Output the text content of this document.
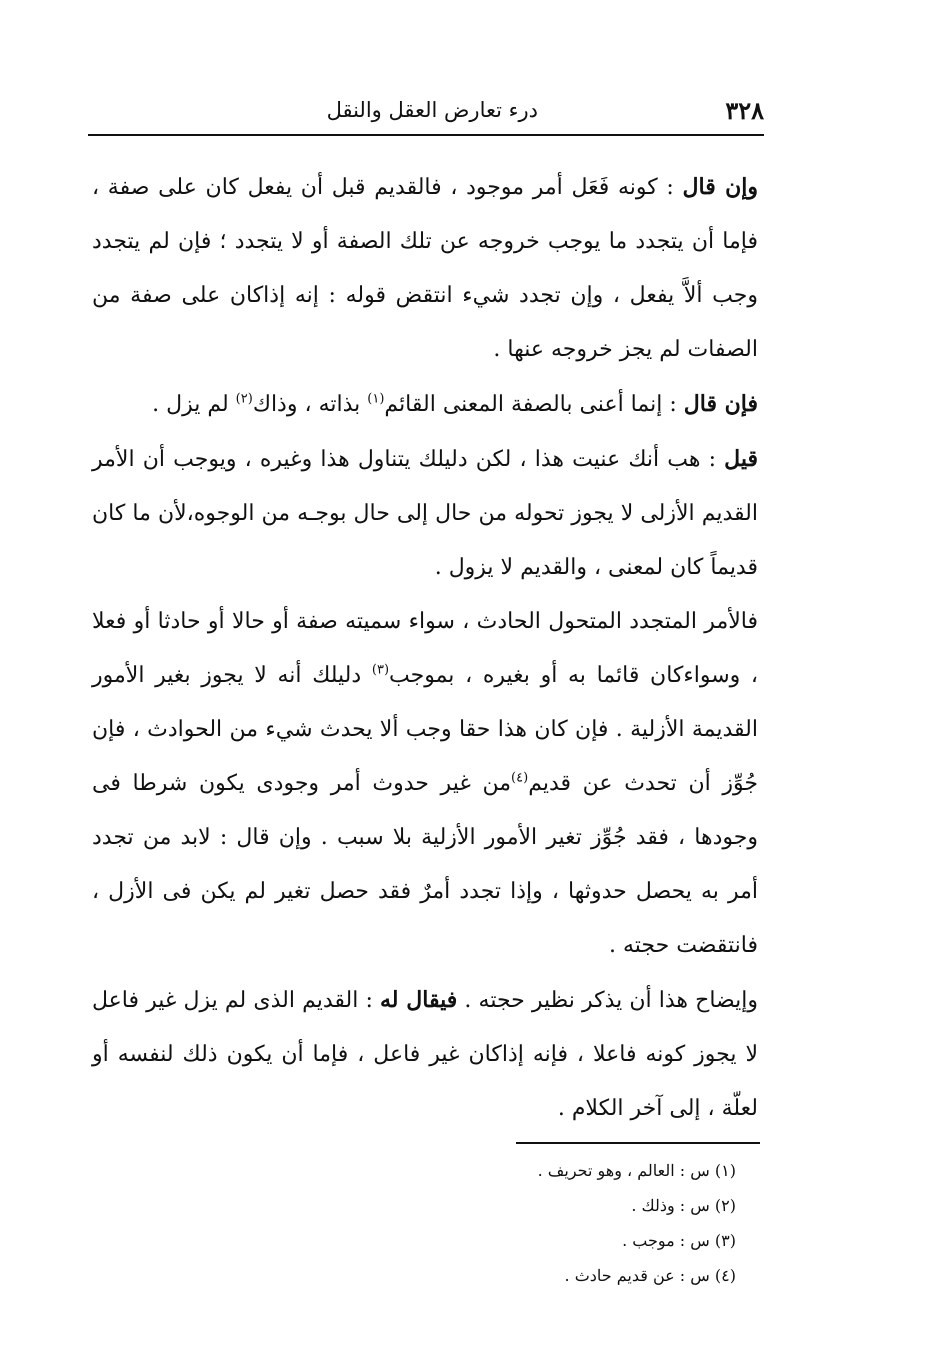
٣٢٨
درء تعارض العقل والنقل

وإن قال : كونه فَعَل أمر موجود ، فالقديم قبل أن يفعل كان على صفة ، فإما أن يتجدد ما يوجب خروجه عن تلك الصفة أو لا يتجدد ؛ فإن لم يتجدد وجب ألاَّ يفعل ، وإن تجدد شيء انتقض قوله : إنه إذاكان على صفة من الصفات لم يجز خروجه عنها .

فإن قال : إنما أعنى بالصفة المعنى القائم$^{(١)}$ بذاته ، وذاك$^{(٢)}$ لم يزل .

قيل : هب أنك عنيت هذا ، لكن دليلك يتناول هذا وغيره ، ويوجب أن الأمر القديم الأزلى لا يجوز تحوله من حال إلى حال بوجـه من الوجوه،لأن ما كان قديماً كان لمعنى ، والقديم لا يزول .

فالأمر المتجدد المتحول الحادث ، سواء سميته صفة أو حالا أو حادثا أو فعلا ، وسواءكان قائما به أو بغيره ، بموجب$^{(٣)}$ دليلك أنه لا يجوز بغير الأمور القديمة الأزلية . فإن كان هذا حقا وجب ألا يحدث شيء من الحوادث ، فإن جُوِّز أن تحدث عن قديم$^{(٤)}$من غير حدوث أمر وجودى يكون شرطا فى وجودها ، فقد جُوِّز تغير الأمور الأزلية بلا سبب . وإن قال : لابد من تجدد أمر به يحصل حدوثها ، وإذا تجدد أمرٌ فقد حصل تغير لم يكن فى الأزل ، فانتقضت حجته .

وإيضاح هذا أن يذكر نظير حجته . فيقال له : القديم الذى لم يزل غير فاعل لا يجوز كونه فاعلا ، فإنه إذاكان غير فاعل ، فإما أن يكون ذلك لنفسه أو لعلّة ، إلى آخر الكلام .

(١) س : العالم ، وهو تحريف .

(٢) س : وذلك .

(٣) س : موجب .

(٤) س : عن قديم حادث .
